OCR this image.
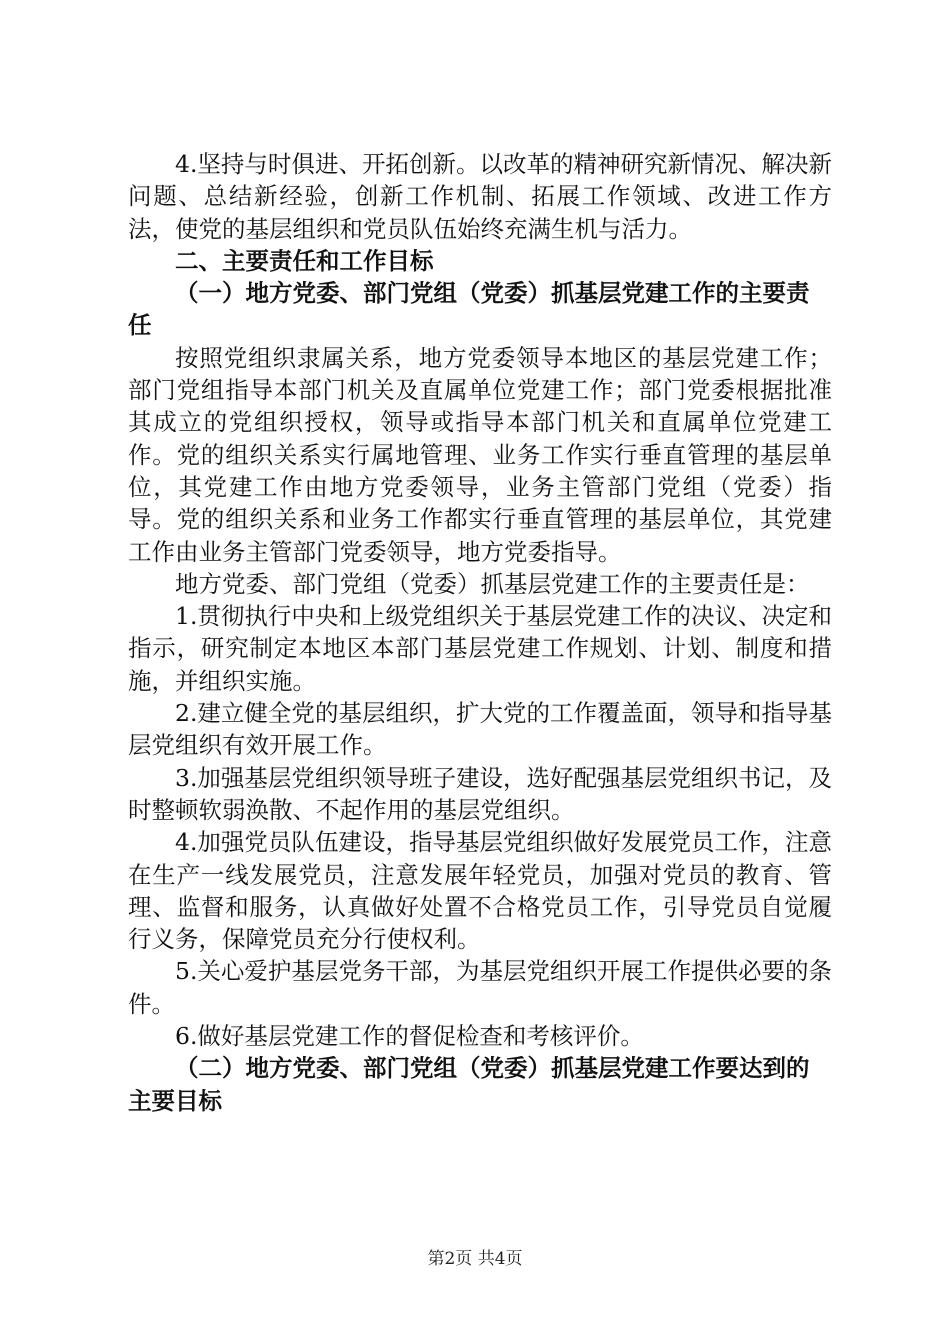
4.坚持与时俱进、开拓创新。以改革的精神研究新情况、解决新问题、总结新经验，创新工作机制、拓展工作领域、改进工作方法，使党的基层组织和党员队伍始终充满生机与活力。

二、主要责任和工作目标

（一）地方党委、部门党组（党委）抓基层党建工作的主要责任

按照党组织隶属关系，地方党委领导本地区的基层党建工作；部门党组指导本部门机关及直属单位党建工作；部门党委根据批准其成立的党组织授权，领导或指导本部门机关和直属单位党建工作。党的组织关系实行属地管理、业务工作实行垂直管理的基层单位，其党建工作由地方党委领导，业务主管部门党组（党委）指导。党的组织关系和业务工作都实行垂直管理的基层单位，其党建工作由业务主管部门党委领导，地方党委指导。

地方党委、部门党组（党委）抓基层党建工作的主要责任是：

1.贯彻执行中央和上级党组织关于基层党建工作的决议、决定和指示，研究制定本地区本部门基层党建工作规划、计划、制度和措施，并组织实施。

2.建立健全党的基层组织，扩大党的工作覆盖面，领导和指导基层党组织有效开展工作。

3.加强基层党组织领导班子建设，选好配强基层党组织书记，及时整顿软弱涣散、不起作用的基层党组织。

4.加强党员队伍建设，指导基层党组织做好发展党员工作，注意在生产一线发展党员，注意发展年轻党员，加强对党员的教育、管理、监督和服务，认真做好处置不合格党员工作，引导党员自觉履行义务，保障党员充分行使权利。

5.关心爱护基层党务干部，为基层党组织开展工作提供必要的条件。

6.做好基层党建工作的督促检查和考核评价。

（二）地方党委、部门党组（党委）抓基层党建工作要达到的主要目标

第2页 共4页
